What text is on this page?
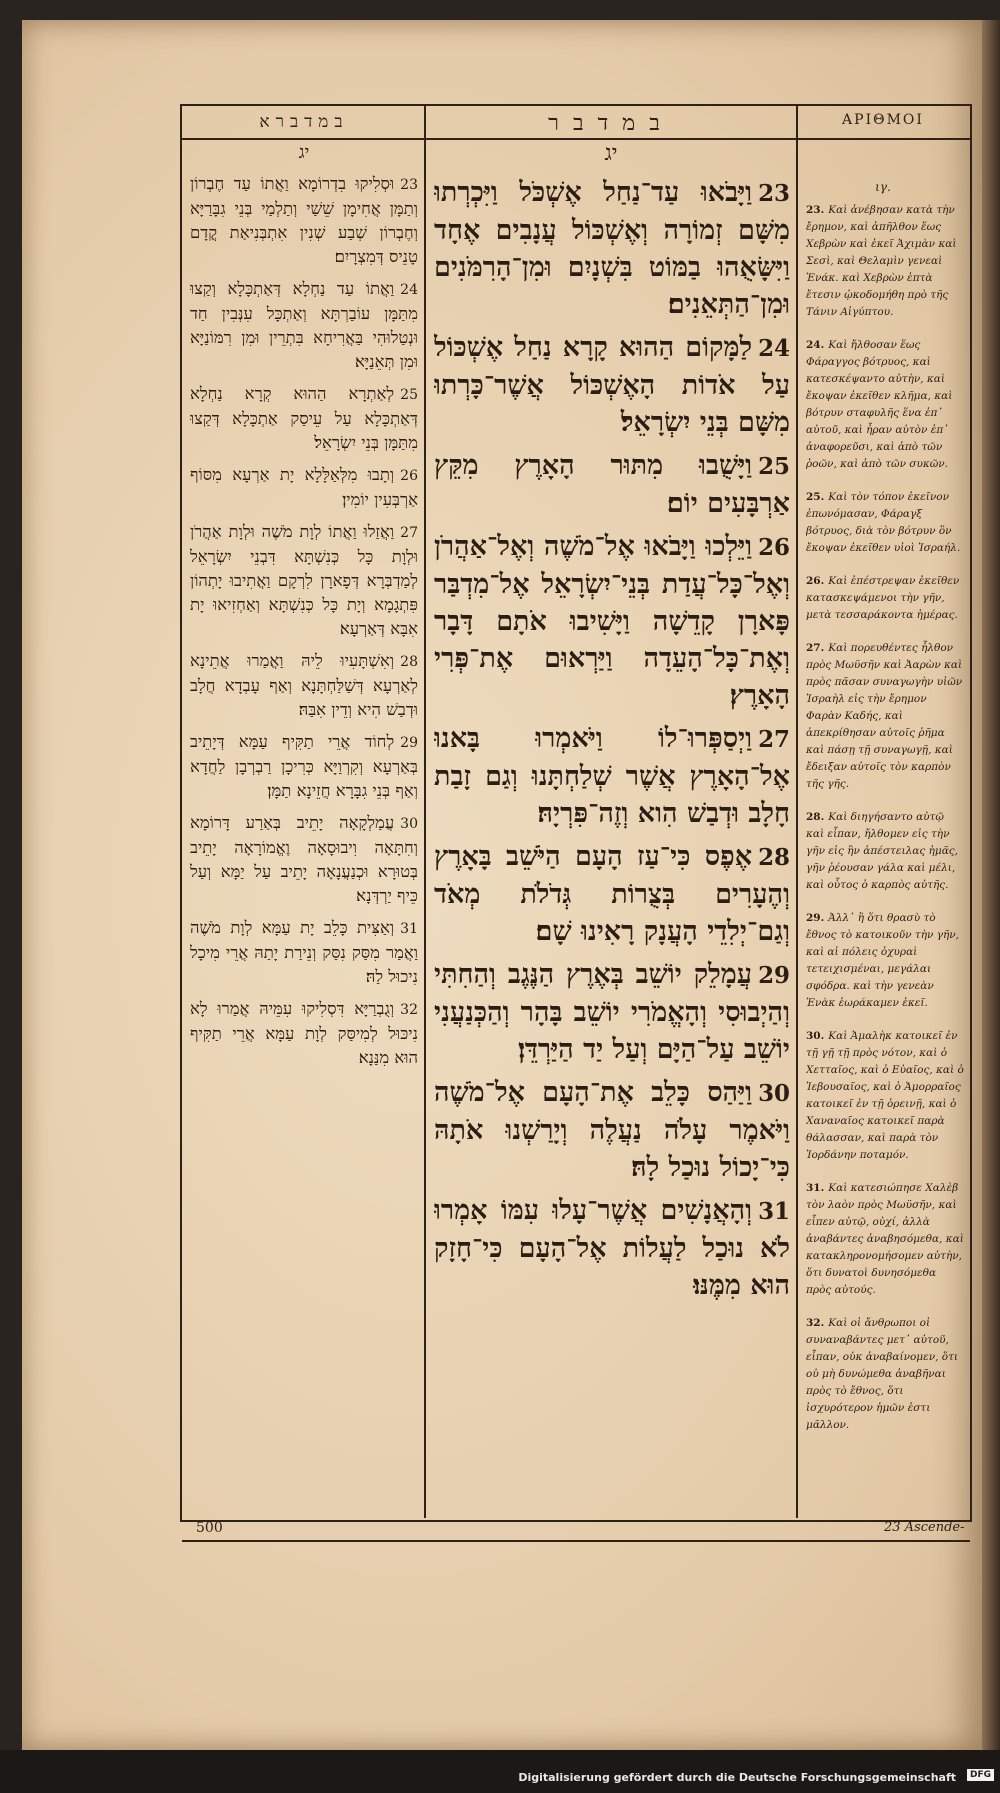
במדברא	במדבר	ΑΡΙΘΜΟΙ
יג	יג
ιγ.
23וּסְלִיקוּ בִדְרוֹמָא וַאֲתוֹ עַד חֶבְרוֹן וְתַמָּן אֲחִימָן שֵׁשַׁי וְתַלְמַי בְּנֵי גִבָּרַיָּא וְחֶבְרוֹן שְׁבַע שְׁנִין אִתְבְּנִיאַת קֳדָם טָנֵיס דְּמִצְרָיִם׃
24וַאֲתוֹ עַד נַחְלָא דְּאַתְכָּלָא וְקַצוּ מִתַּמָּן עוֹבַרְתָּא וְאַתְכָּל עִנְּבִין חַד וּנְטַלוּהִי בַּאֲרִיחָא בִּתְרֵין וּמִן רִמּוֹנַיָּא וּמִן תְּאֵנַיָּא׃
25לְאַתְרָא הַהוּא קְרָא נַחְלָא דְּאַתְכָּלָא עַל עֵיסַק אַתְכָּלָא דְּקַצוּ מִתַּמָּן בְּנֵי יִשְׂרָאֵל׃
26וְתָבוּ מִלְּאַלָּלָא יָת אַרְעָא מִסּוֹף אַרְבְּעִין יוֹמִין׃
27וַאֲזַלוּ וַאֲתוֹ לְוָת מֹשֶׁה וּלְוָת אַהֲרֹן וּלְוָת כָּל כְּנִשְׁתָּא דִּבְנֵי יִשְׂרָאֵל לְמַדְבְּרָא דְּפָארָן לִרְקָם וַאֲתִיבוּ יָתְהוֹן פִּתְגָמָא וְיָת כָּל כְּנִשְׁתָּא וְאַחְזִיאוּ יָת אִבָּא דְּאַרְעָא׃
28וְאִשְׁתָּעִיוּ לֵיהּ וַאֲמַרוּ אֲתֵינָא לְאַרְעָא דְּשַׁלַּחְתָּנָא וְאַף עָבְדָא חֲלָב וּדְבַשׁ הִיא וְדֵין אִבַּהּ׃
29לְחוֹד אֲרֵי תַקִּיף עַמָּא דְּיָתֵיב בְּאַרְעָא וְקִרְוַיָּא כְּרִיכָן רַבְרְבָן לַחֲדָא וְאַף בְּנֵי גִבָּרָא חֲזֵינָא תַמָּן׃
30עֲמַלְקָאָה יָתֵיב בְּאַרַע דָּרוֹמָא וְחִתָּאָה וִיבוּסָאָה וֶאֱמוֹרָאָה יָתֵיב בְּטוּרָא וּכְנַעֲנָאָה יָתֵיב עַל יַמָּא וְעַל כֵּיף יַרְדְּנָא׃
31וְאַצִּית כָּלֵב יָת עַמָּא לְוָת מֹשֶׁה וַאֲמַר מִסַּק נִסַּק וְנֵירַת יָתַהּ אֲרֵי מִיכָל נִיכוּל לַהּ׃
32וְגֻבְרַיָּא דִּסְלִיקוּ עִמֵּיהּ אֲמַרוּ לָא נִיכּוּל לְמִיסַּק לְוָת עַמָּא אֲרֵי תַקִּיף הוּא מִנַּנָא׃
23וַיָּבֹאוּ עַד־נַחַל אֶשְׁכֹּל וַיִּכְרְתוּ מִשָּׁם זְמוֹרָה וְאֶשְׁכּוֹל עֲנָבִים אֶחָד וַיִּשָּׂאֻהוּ בַמּוֹט בִּשְׁנָיִם וּמִן־הָרִמֹּנִים וּמִן־הַתְּאֵנִים׃
24לַמָּקוֹם הַהוּא קָרָא נַחַל אֶשְׁכּוֹל עַל אֹדוֹת הָאֶשְׁכּוֹל אֲשֶׁר־כָּרְתוּ מִשָּׁם בְּנֵי יִשְׂרָאֵל׃
25וַיָּשֻׁבוּ מִתּוּר הָאָרֶץ מִקֵּץ אַרְבָּעִים יוֹם׃
26וַיֵּלְכוּ וַיָּבֹאוּ אֶל־מֹשֶׁה וְאֶל־אַהֲרֹן וְאֶל־כָּל־עֲדַת בְּנֵי־יִשְׂרָאֵל אֶל־מִדְבַּר פָּארָן קָדֵשָׁה וַיָּשִׁיבוּ אֹתָם דָּבָר וְאֶת־כָּל־הָעֵדָה וַיַּרְאוּם אֶת־פְּרִי הָאָרֶץ׃
27וַיְסַפְּרוּ־לוֹ וַיֹּאמְרוּ בָּאנוּ אֶל־הָאָרֶץ אֲשֶׁר שְׁלַחְתָּנוּ וְגַם זָבַת חָלָב וּדְבַשׁ הִוא וְזֶה־פִּרְיָהּ׃
28אֶפֶס כִּי־עַז הָעָם הַיֹּשֵׁב בָּאָרֶץ וְהֶעָרִים בְּצֻרוֹת גְּדֹלֹת מְאֹד וְגַם־יְלִדֵי הָעֲנָק רָאִינוּ שָׁם׃
29עֲמָלֵק יוֹשֵׁב בְּאֶרֶץ הַנֶּגֶב וְהַחִתִּי וְהַיְבוּסִי וְהָאֱמֹרִי יוֹשֵׁב בָּהָר וְהַכְּנַעֲנִי יוֹשֵׁב עַל־הַיָּם וְעַל יַד הַיַּרְדֵּן׃
30וַיַּהַס כָּלֵב אֶת־הָעָם אֶל־מֹשֶׁה וַיֹּאמֶר עָלֹה נַעֲלֶה וְיָרַשְׁנוּ אֹתָהּ כִּי־יָכוֹל נוּכַל לָהּ׃
31וְהָאֲנָשִׁים אֲשֶׁר־עָלוּ עִמּוֹ אָמְרוּ לֹא נוּכַל לַעֲלוֹת אֶל־הָעָם כִּי־חָזָק הוּא מִמֶּנּוּ׃
23. Καὶ ἀνέβησαν κατὰ τὴν ἔρημον, καὶ ἀπῆλθον ἕως Χεβρὼν καὶ ἐκεῖ Ἀχιμὰν καὶ Σεσὶ, καὶ Θελαμὶν γενεαὶ Ἐνάκ. καὶ Χεβρὼν ἑπτὰ ἔτεσιν ᾠκοδομήθη πρὸ τῆς Τάνιν Αἰγύπτου.
24. Καὶ ἤλθοσαν ἕως Φάραγγος βότρυος, καὶ κατεσκέψαντο αὐτὴν, καὶ ἔκοψαν ἐκεῖθεν κλῆμα, καὶ βότρυν σταφυλῆς ἕνα ἐπ᾽ αὐτοῦ, καὶ ἦραν αὐτὸν ἐπ᾽ ἀναφορεῦσι, καὶ ἀπὸ τῶν ῥοῶν, καὶ ἀπὸ τῶν συκῶν.
25. Καὶ τὸν τόπον ἐκεῖνον ἐπωνόμασαν, Φάραγξ βότρυος, διὰ τὸν βότρυν ὃν ἔκοψαν ἐκεῖθεν υἱοὶ Ἰσραήλ.
26. Καὶ ἐπέστρεψαν ἐκεῖθεν κατασκεψάμενοι τὴν γῆν, μετὰ τεσσαράκοντα ἡμέρας.
27. Καὶ πορευθέντες ἦλθον πρὸς Μωϋσῆν καὶ Ἀαρὼν καὶ πρὸς πᾶσαν συναγωγὴν υἱῶν Ἰσραὴλ εἰς τὴν ἔρημον Φαρὰν Καδής, καὶ ἀπεκρίθησαν αὐτοῖς ῥῆμα καὶ πάσῃ τῇ συναγωγῇ, καὶ ἔδειξαν αὐτοῖς τὸν καρπὸν τῆς γῆς.
28. Καὶ διηγήσαντο αὐτῷ καὶ εἶπαν, ἤλθομεν εἰς τὴν γῆν εἰς ἣν ἀπέστειλας ἡμᾶς, γῆν ῥέουσαν γάλα καὶ μέλι, καὶ οὗτος ὁ καρπὸς αὐτῆς.
29. Ἀλλ᾽ ἢ ὅτι θρασὺ τὸ ἔθνος τὸ κατοικοῦν τὴν γῆν, καὶ αἱ πόλεις ὀχυραὶ τετειχισμέναι, μεγάλαι σφόδρα. καὶ τὴν γενεὰν Ἐνὰκ ἑωράκαμεν ἐκεῖ.
30. Καὶ Ἀμαλὴκ κατοικεῖ ἐν τῇ γῇ τῇ πρὸς νότον, καὶ ὁ Χετταῖος, καὶ ὁ Εὐαῖος, καὶ ὁ Ἰεβουσαῖος, καὶ ὁ Ἀμορραῖος κατοικεῖ ἐν τῇ ὀρεινῇ, καὶ ὁ Χαναναῖος κατοικεῖ παρὰ θάλασσαν, καὶ παρὰ τὸν Ἰορδάνην ποταμόν.
31. Καὶ κατεσιώπησε Χαλὲβ τὸν λαὸν πρὸς Μωϋσῆν, καὶ εἶπεν αὐτῷ, οὐχί, ἀλλὰ ἀναβάντες ἀναβησόμεθα, καὶ κατακληρονομήσομεν αὐτὴν, ὅτι δυνατοὶ δυνησόμεθα πρὸς αὐτούς.
32. Καὶ οἱ ἄνθρωποι οἱ συναναβάντες μετ᾽ αὐτοῦ, εἶπαν, οὐκ ἀναβαίνομεν, ὅτι οὐ μὴ δυνώμεθα ἀναβῆναι πρὸς τὸ ἔθνος, ὅτι ἰσχυρότερον ἡμῶν ἐστι μᾶλλον.
500	23 Ascende-
Digitalisierung gefördert durch die Deutsche Forschungsgemeinschaft	DFG
